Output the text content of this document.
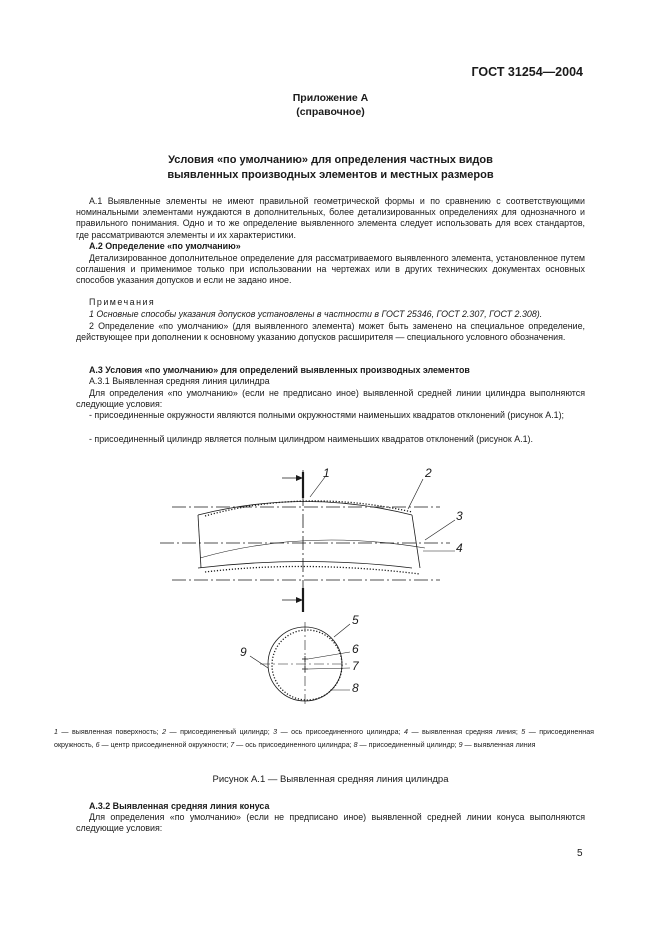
ГОСТ 31254—2004
Приложение А
(справочное)
Условия «по умолчанию» для определения частных видов
выявленных производных элементов и местных размеров

А.1 Выявленные элементы не имеют правильной геометрической формы и по сравнению с соответствующими номинальными элементами нуждаются в дополнительных, более детализированных определениях для однозначного и правильного понимания. Одно и то же определение выявленного элемента следует использовать для всех стандартов, где рассматриваются элементы и их характеристики.

А.2 Определение «по умолчанию»

Детализированное дополнительное определение для рассматриваемого выявленного элемента, установленное путем соглашения и применимое только при использовании на чертежах или в других технических документах основных способов указания допусков и если не задано иное.

Примечания

1 Основные способы указания допусков установлены в частности в ГОСТ 25346, ГОСТ 2.307, ГОСТ 2.308).

2 Определение «по умолчанию» (для выявленного элемента) может быть заменено на специальное определение, действующее при дополнении к основному указанию допусков расширителя — специального условного обозначения.

А.3 Условия «по умолчанию» для определений выявленных производных элементов

А.3.1 Выявленная средняя линия цилиндра

Для определения «по умолчанию» (если не предписано иное) выявленной средней линии цилиндра выполняются следующие условия:

- присоединенные окружности являются полными окружностями наименьших квадратов отклонений (рисунок А.1);

- присоединенный цилиндр является полным цилиндром наименьших квадратов отклонений (рисунок А.1).

1	2
3
4
5
6
7
8
9
1 — выявленная поверхность; 2 — присоединенный цилиндр; 3 — ось присоединенного цилиндра; 4 — выявленная средняя линия; 5 — присоединенная окружность, 6 — центр присоединенной окружности; 7 — ось присоединенного цилиндра; 8 — присоединенный цилиндр; 9 — выявленная линия
Рисунок А.1 — Выявленная средняя линия цилиндра

А.3.2 Выявленная средняя линия конуса

Для определения «по умолчанию» (если не предписано иное) выявленной средней линии конуса выполняются следующие условия:

5
